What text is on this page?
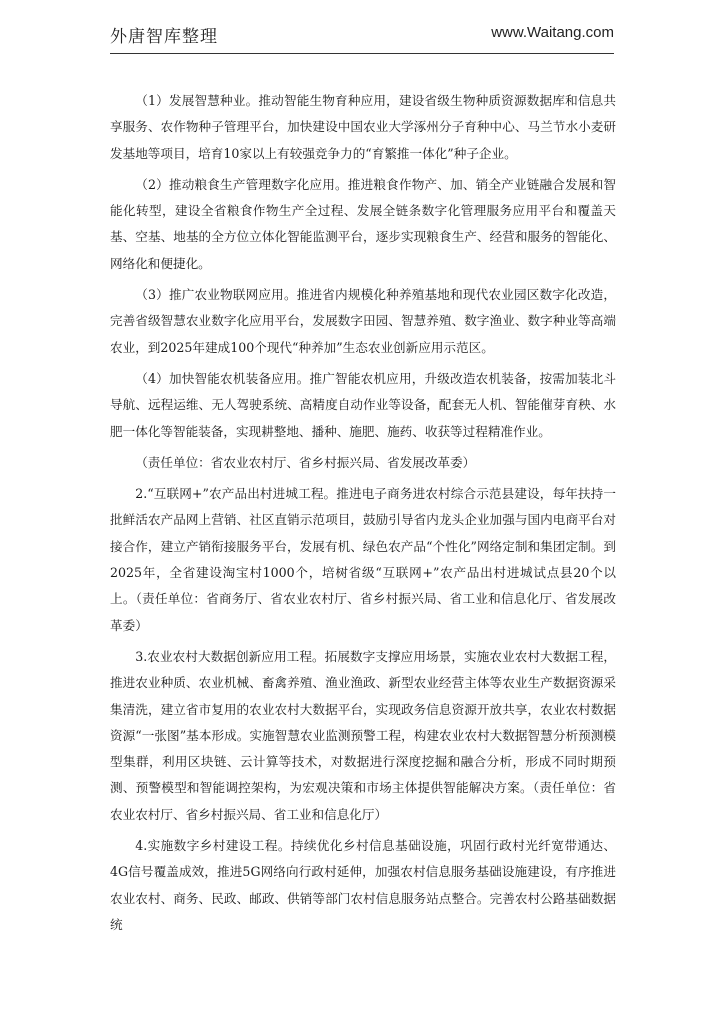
外唐智库整理	www.Waitang.com

（1）发展智慧种业。推动智能生物育种应用，建设省级生物种质资源数据库和信息共享服务、农作物种子管理平台，加快建设中国农业大学涿州分子育种中心、马兰节水小麦研发基地等项目，培育10家以上有较强竞争力的“育繁推一体化”种子企业。

（2）推动粮食生产管理数字化应用。推进粮食作物产、加、销全产业链融合发展和智能化转型，建设全省粮食作物生产全过程、发展全链条数字化管理服务应用平台和覆盖天基、空基、地基的全方位立体化智能监测平台，逐步实现粮食生产、经营和服务的智能化、网络化和便捷化。

（3）推广农业物联网应用。推进省内规模化种养殖基地和现代农业园区数字化改造，完善省级智慧农业数字化应用平台，发展数字田园、智慧养殖、数字渔业、数字种业等高端农业，到2025年建成100个现代“种养加”生态农业创新应用示范区。

（4）加快智能农机装备应用。推广智能农机应用，升级改造农机装备，按需加装北斗导航、远程运维、无人驾驶系统、高精度自动作业等设备，配套无人机、智能催芽育秧、水肥一体化等智能装备，实现耕整地、播种、施肥、施药、收获等过程精准作业。

（责任单位：省农业农村厅、省乡村振兴局、省发展改革委）

2.“互联网+”农产品出村进城工程。推进电子商务进农村综合示范县建设，每年扶持一批鲜活农产品网上营销、社区直销示范项目，鼓励引导省内龙头企业加强与国内电商平台对接合作，建立产销衔接服务平台，发展有机、绿色农产品“个性化”网络定制和集团定制。到2025年，全省建设淘宝村1000个，培树省级“互联网+”农产品出村进城试点县20个以上。（责任单位：省商务厅、省农业农村厅、省乡村振兴局、省工业和信息化厅、省发展改革委）

3.农业农村大数据创新应用工程。拓展数字支撑应用场景，实施农业农村大数据工程，推进农业种质、农业机械、畜禽养殖、渔业渔政、新型农业经营主体等农业生产数据资源采集清洗，建立省市复用的农业农村大数据平台，实现政务信息资源开放共享，农业农村数据资源“一张图”基本形成。实施智慧农业监测预警工程，构建农业农村大数据智慧分析预测模型集群，利用区块链、云计算等技术，对数据进行深度挖掘和融合分析，形成不同时期预测、预警模型和智能调控架构，为宏观决策和市场主体提供智能解决方案。（责任单位：省农业农村厅、省乡村振兴局、省工业和信息化厅）

4.实施数字乡村建设工程。持续优化乡村信息基础设施，巩固行政村光纤宽带通达、4G信号覆盖成效，推进5G网络向行政村延伸，加强农村信息服务基础设施建设，有序推进农业农村、商务、民政、邮政、供销等部门农村信息服务站点整合。完善农村公路基础数据统
